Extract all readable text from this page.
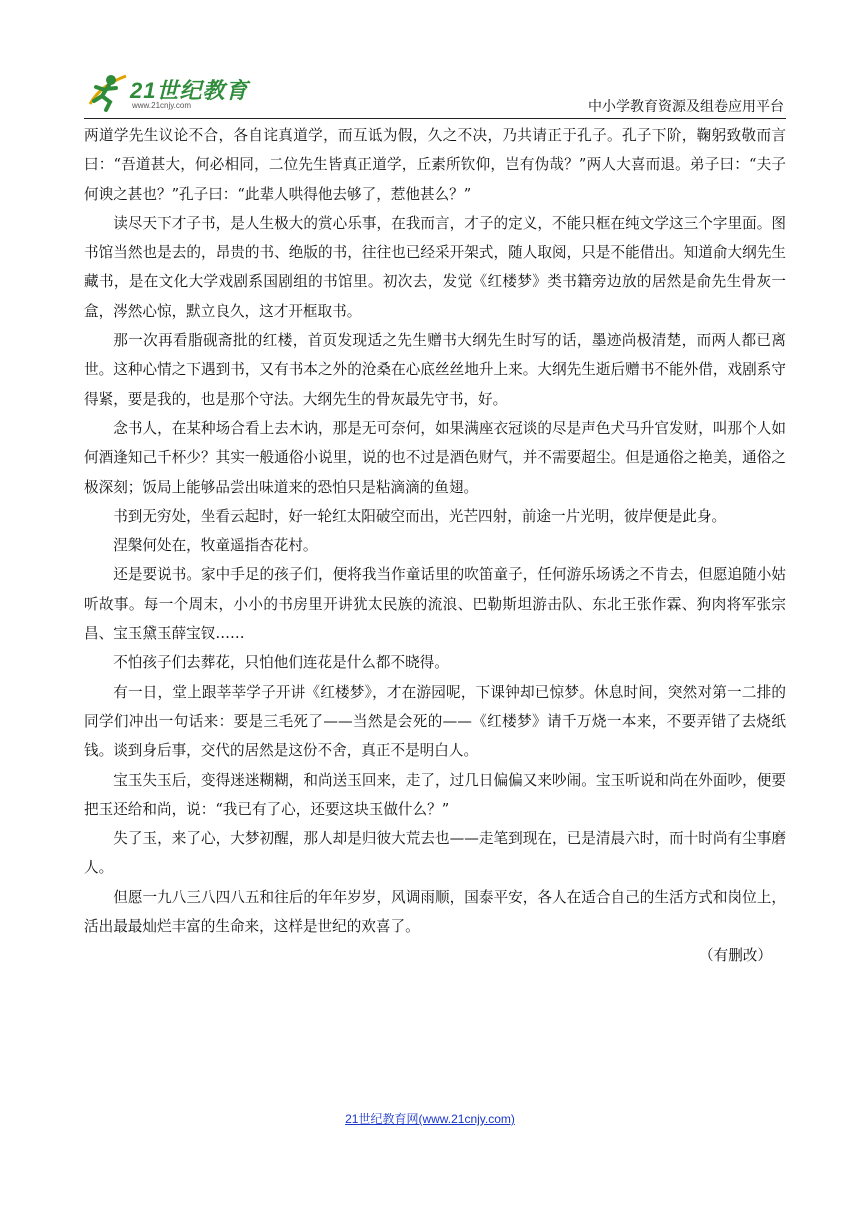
21世纪教育
www.21cnjy.com	中小学教育资源及组卷应用平台

两道学先生议论不合，各自诧真道学，而互诋为假，久之不决，乃共请正于孔子。孔子下阶，鞠躬致敬而言曰：“吾道甚大，何必相同，二位先生皆真正道学，丘素所钦仰，岂有伪哉？”两人大喜而退。弟子曰：“夫子何谀之甚也？”孔子曰：“此辈人哄得他去够了，惹他甚么？”

读尽天下才子书，是人生极大的赏心乐事，在我而言，才子的定义，不能只框在纯文学这三个字里面。图书馆当然也是去的，昂贵的书、绝版的书，往往也已经采开架式，随人取阅，只是不能借出。知道俞大纲先生藏书，是在文化大学戏剧系国剧组的书馆里。初次去，发觉《红楼梦》类书籍旁边放的居然是俞先生骨灰一盒，涔然心惊，默立良久，这才开框取书。

那一次再看脂砚斋批的红楼，首页发现适之先生赠书大纲先生时写的话，墨迹尚极清楚，而两人都已离世。这种心情之下遇到书，又有书本之外的沧桑在心底丝丝地升上来。大纲先生逝后赠书不能外借，戏剧系守得紧，要是我的，也是那个守法。大纲先生的骨灰最先守书，好。

念书人，在某种场合看上去木讷，那是无可奈何，如果满座衣冠谈的尽是声色犬马升官发财，叫那个人如何酒逢知己千杯少？其实一般通俗小说里，说的也不过是酒色财气，并不需要超尘。但是通俗之艳美，通俗之极深刻；饭局上能够品尝出味道来的恐怕只是粘滴滴的鱼翅。

书到无穷处，坐看云起时，好一轮红太阳破空而出，光芒四射，前途一片光明，彼岸便是此身。

涅槃何处在，牧童遥指杏花村。

还是要说书。家中手足的孩子们，便将我当作童话里的吹笛童子，任何游乐场诱之不肯去，但愿追随小姑听故事。每一个周末，小小的书房里开讲犹太民族的流浪、巴勒斯坦游击队、东北王张作霖、狗肉将军张宗昌、宝玉黛玉薛宝钗……

不怕孩子们去葬花，只怕他们连花是什么都不晓得。

有一日，堂上跟莘莘学子开讲《红楼梦》，才在游园呢，下课钟却已惊梦。休息时间，突然对第一二排的同学们冲出一句话来：要是三毛死了——当然是会死的——《红楼梦》请千万烧一本来，不要弄错了去烧纸钱。谈到身后事，交代的居然是这份不舍，真正不是明白人。

宝玉失玉后，变得迷迷糊糊，和尚送玉回来，走了，过几日偏偏又来吵闹。宝玉听说和尚在外面吵，便要把玉还给和尚，说：“我已有了心，还要这块玉做什么？”

失了玉，来了心，大梦初醒，那人却是归彼大荒去也——走笔到现在，已是清晨六时，而十时尚有尘事磨人。

但愿一九八三八四八五和往后的年年岁岁，风调雨顺，国泰平安，各人在适合自己的生活方式和岗位上，活出最最灿烂丰富的生命来，这样是世纪的欢喜了。

（有删改）

21世纪教育网(www.21cnjy.com)
